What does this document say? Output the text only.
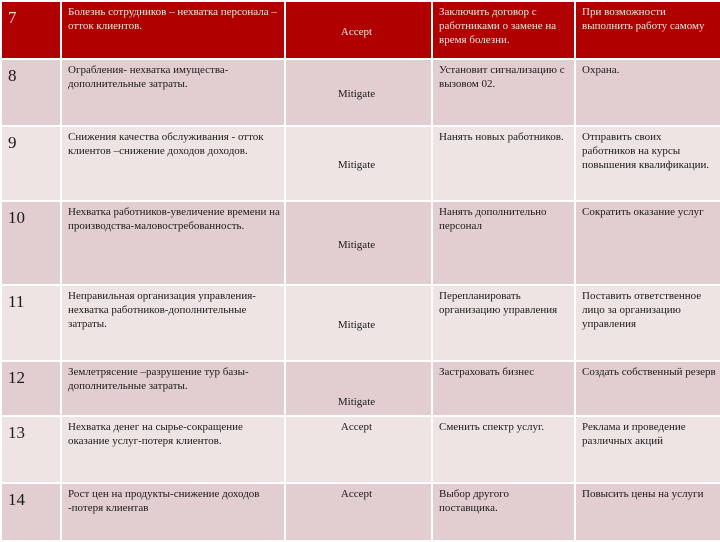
7	Болезнь сотрудников – нехватка персонала – отток клиентов.	Accept	Заключить договор с работниками о замене на время болезни.	При возможности выполнить работу самому
8	Ограбления- нехватка имущества-дополнительные затраты.	Mitigate	Установит сигнализацию с вызовом 02.	Охрана.
9	Снижения качества обслуживания - отток клиентов –снижение доходов доходов.	Mitigate	Нанять новых работников.	Отправить своих работников на курсы повышения квалификации.
10	Нехватка работников-увеличение времени на производства-маловостребованность.	Mitigate	Нанять дополнительно персонал	Сократить оказание услуг
11	Неправильная организация управления-нехватка работников-дополнительные затраты.	Mitigate	Перепланировать организацию управления	Поставить ответственное лицо за организацию управления
12	Землетрясение –разрушение тур базы-дополнительные затраты.	Mitigate	Застраховать бизнес	Создать собственный резерв
13	Нехватка денег на сырье-сокращение оказание услуг-потеря клиентов.	Accept	Сменить спектр услуг.	Реклама и проведение различных акций
14	Рост цен на продукты-снижение доходов -потеря клиентав	Accept	Выбор другого поставщика.	Повысить цены на услуги
